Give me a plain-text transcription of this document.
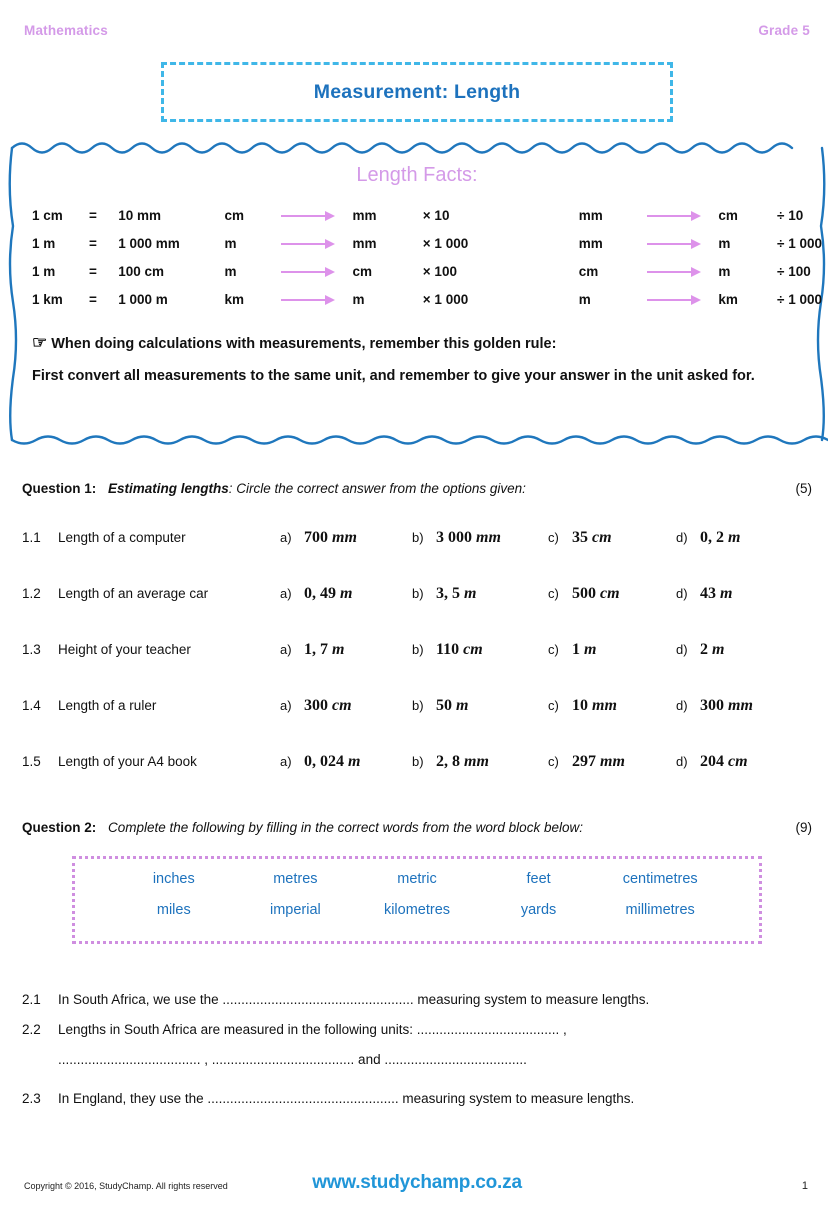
Mathematics	Grade 5
Measurement: Length
Length Facts:
1 cm	=	10 mm	cm		mm	× 10	mm		cm	÷ 10
1 m	=	1 000 mm	m		mm	× 1 000	mm		m	÷ 1 000
1 m	=	100 cm	m		cm	× 100	cm		m	÷ 100
1 km	=	1 000 m	km		m	× 1 000	m		km	÷ 1 000
☞ When doing calculations with measurements, remember this golden rule:
First convert all measurements to the same unit, and remember to give your answer in the unit asked for.
Question 1: Estimating lengths: Circle the correct answer from the options given:	(5)
1.1	Length of a computer	a) 700 mm	b) 3 000 mm	c) 35 cm	d) 0, 2 m
1.2	Length of an average car	a) 0, 49 m	b) 3, 5 m	c) 500 cm	d) 43 m
1.3	Height of your teacher	a) 1, 7 m	b) 110 cm	c) 1 m	d) 2 m
1.4	Length of a ruler	a) 300 cm	b) 50 m	c) 10 mm	d) 300 mm
1.5	Length of your A4 book	a) 0, 024 m	b) 2, 8 mm	c) 297 mm	d) 204 cm
Question 2: Complete the following by filling in the correct words from the word block below:	(9)
inches	metres	metric	feet	centimetres
miles	imperial	kilometres	yards	millimetres
2.1	In South Africa, we use the ................................................... measuring system to measure lengths.
2.2	Lengths in South Africa are measured in the following units: ...................................... ,
...................................... , ...................................... and ......................................
2.3	In England, they use the ................................................... measuring system to measure lengths.
Copyright © 2016, StudyChamp. All rights reserved	www.studychamp.co.za	1
